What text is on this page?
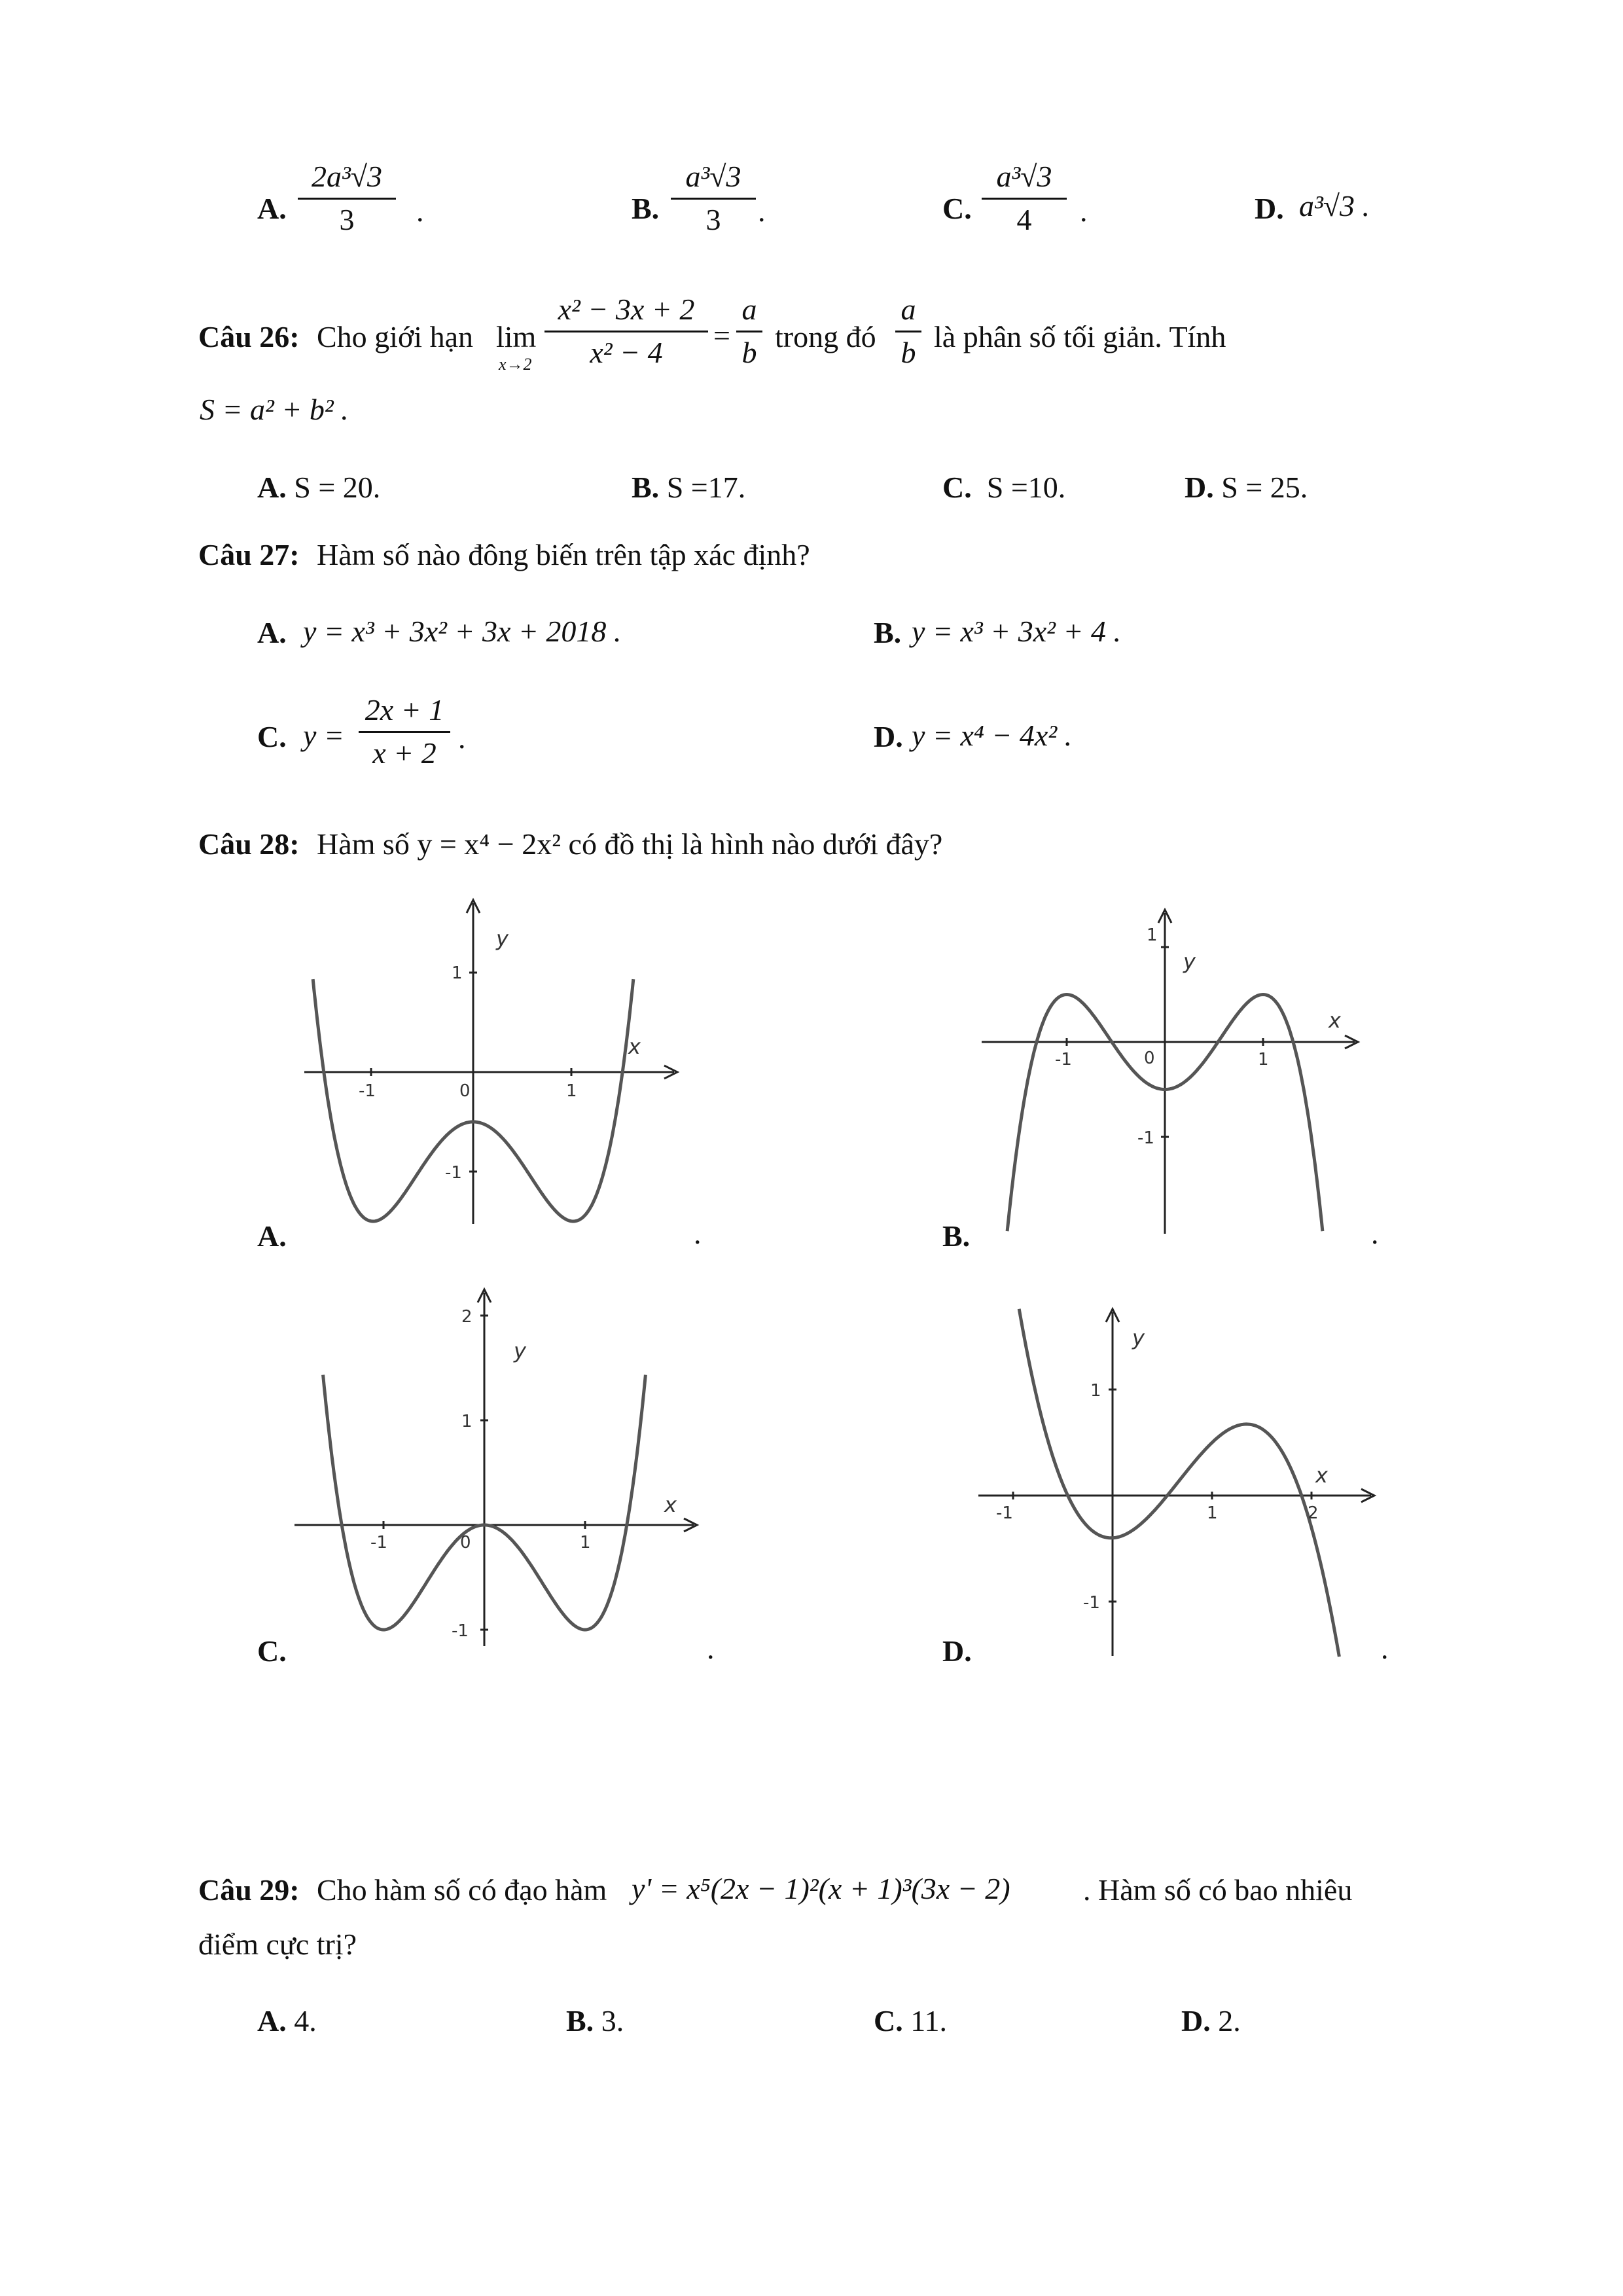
A.
2a³√3
3 .	B.
a³√3
3 .	C.
a³√3
4 .	D. a³√3 .
Câu 26: Cho giới hạn lim
x→2
x² − 3x + 2
x² − 4
=
a
b trong đó
a
b là phân số tối giản. Tính
S = a² + b² .
A. S = 20.	B. S =17.	C. S =10.	D. S = 25.
Câu 27: Hàm số nào đông biến trên tập xác định?
A. y = x³ + 3x² + 3x + 2018 .	B. y = x³ + 3x² + 4 .
C. y =
2x + 1
x + 2 .	D. y = x⁴ − 4x² .
Câu 28: Hàm số y = x⁴ − 2x² có đồ thị là hình nào dưới đây?
-1	0	1
1
-1
y
x
A.	.
-1	0	1
1
-1
y
x
B.	.
-1	0	1
2
1
-1
y
x
C.	.
-1	1	2
1
-1
y
x
D.	.
Câu 29: Cho hàm số có đạo hàm y' = x⁵(2x − 1)²(x + 1)³(3x − 2) . Hàm số có bao nhiêu
điểm cực trị?
A. 4.	B. 3.	C. 11.	D. 2.
